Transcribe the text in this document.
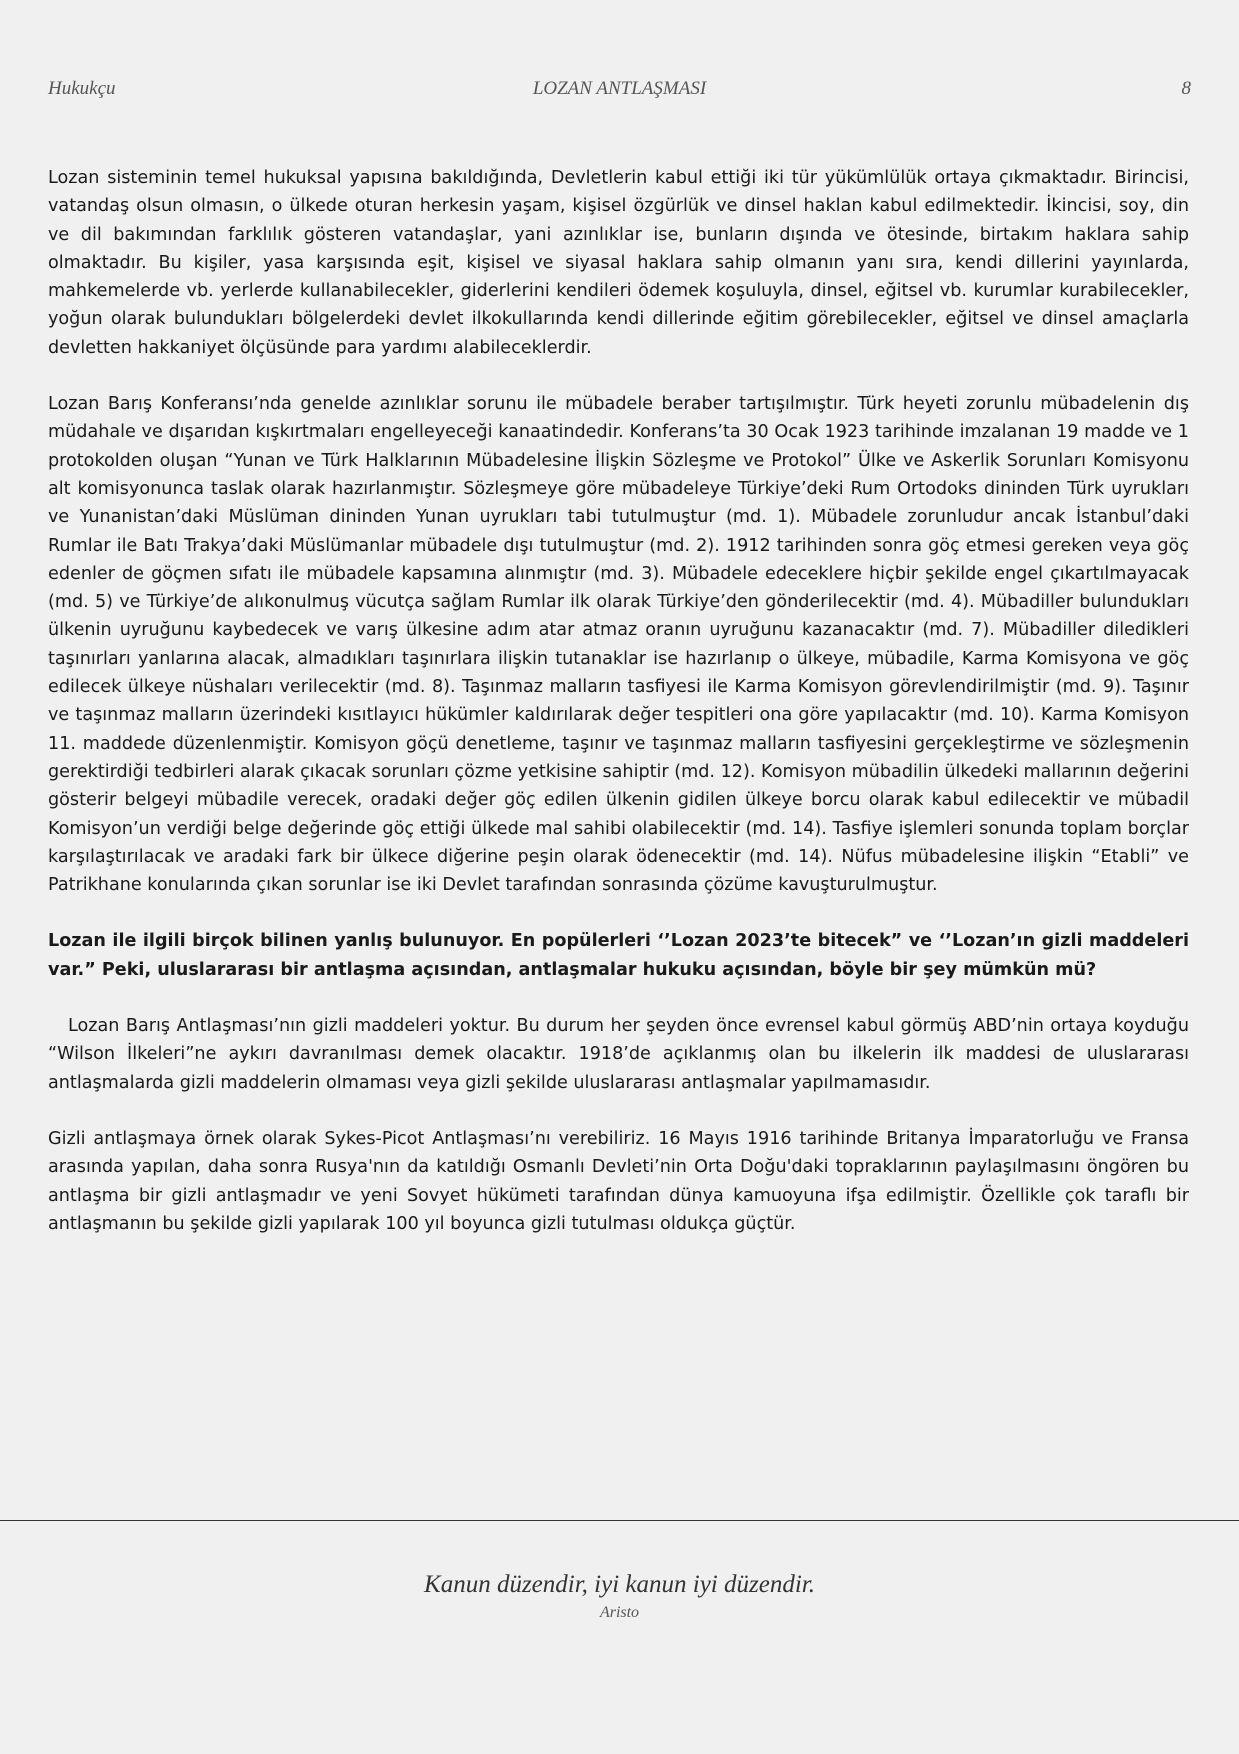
Hukukçu	LOZAN ANTLAŞMASI	8

Lozan sisteminin temel hukuksal yapısına bakıldığında, Devletlerin kabul ettiği iki tür yükümlülük ortaya çıkmaktadır. Birincisi, vatandaş olsun olmasın, o ülkede oturan herkesin yaşam, kişisel özgürlük ve dinsel haklan kabul edilmektedir. İkincisi, soy, din ve dil bakımından farklılık gösteren vatandaşlar, yani azınlıklar ise, bunların dışında ve ötesinde, birtakım haklara sahip olmaktadır. Bu kişiler, yasa karşısında eşit, kişisel ve siyasal haklara sahip olmanın yanı sıra, kendi dillerini yayınlarda, mahkemelerde vb. yerlerde kullanabilecekler, giderlerini kendileri ödemek koşuluyla, dinsel, eğitsel vb. kurumlar kurabilecekler, yoğun olarak bulundukları bölgelerdeki devlet ilkokullarında kendi dillerinde eğitim görebilecekler, eğitsel ve dinsel amaçlarla devletten hakkaniyet ölçüsünde para yardımı alabileceklerdir.

Lozan Barış Konferansı’nda genelde azınlıklar sorunu ile mübadele beraber tartışılmıştır. Türk heyeti zorunlu mübadelenin dış müdahale ve dışarıdan kışkırtmaları engelleyeceği kanaatindedir. Konferans’ta 30 Ocak 1923 tarihinde imzalanan 19 madde ve 1 protokolden oluşan “Yunan ve Türk Halklarının Mübadelesine İlişkin Sözleşme ve Protokol” Ülke ve Askerlik Sorunları Komisyonu alt komisyonunca taslak olarak hazırlanmıştır. Sözleşmeye göre mübadeleye Türkiye’deki Rum Ortodoks dininden Türk uyrukları ve Yunanistan’daki Müslüman dininden Yunan uyrukları tabi tutulmuştur (md. 1). Mübadele zorunludur ancak İstanbul’daki Rumlar ile Batı Trakya’daki Müslümanlar mübadele dışı tutulmuştur (md. 2). 1912 tarihinden sonra göç etmesi gereken veya göç edenler de göçmen sıfatı ile mübadele kapsamına alınmıştır (md. 3). Mübadele edeceklere hiçbir şekilde engel çıkartılmayacak (md. 5) ve Türkiye’de alıkonulmuş vücutça sağlam Rumlar ilk olarak Türkiye’den gönderilecektir (md. 4). Mübadiller bulundukları ülkenin uyruğunu kaybedecek ve varış ülkesine adım atar atmaz oranın uyruğunu kazanacaktır (md. 7). Mübadiller diledikleri taşınırları yanlarına alacak, almadıkları taşınırlara ilişkin tutanaklar ise hazırlanıp o ülkeye, mübadile, Karma Komisyona ve göç edilecek ülkeye nüshaları verilecektir (md. 8). Taşınmaz malların tasfiyesi ile Karma Komisyon görevlendirilmiştir (md. 9). Taşınır ve taşınmaz malların üzerindeki kısıtlayıcı hükümler kaldırılarak değer tespitleri ona göre yapılacaktır (md. 10). Karma Komisyon 11. maddede düzenlenmiştir. Komisyon göçü denetleme, taşınır ve taşınmaz malların tasfiyesini gerçekleştirme ve sözleşmenin gerektirdiği tedbirleri alarak çıkacak sorunları çözme yetkisine sahiptir (md. 12). Komisyon mübadilin ülkedeki mallarının değerini gösterir belgeyi mübadile verecek, oradaki değer göç edilen ülkenin gidilen ülkeye borcu olarak kabul edilecektir ve mübadil Komisyon’un verdiği belge değerinde göç ettiği ülkede mal sahibi olabilecektir (md. 14). Tasfiye işlemleri sonunda toplam borçlar karşılaştırılacak ve aradaki fark bir ülkece diğerine peşin olarak ödenecektir (md. 14). Nüfus mübadelesine ilişkin “Etabli” ve Patrikhane konularında çıkan sorunlar ise iki Devlet tarafından sonrasında çözüme kavuşturulmuştur.

Lozan ile ilgili birçok bilinen yanlış bulunuyor. En popülerleri ‘’Lozan 2023’te bitecek” ve ‘’Lozan’ın gizli maddeleri var.” Peki, uluslararası bir antlaşma açısından, antlaşmalar hukuku açısından, böyle bir şey mümkün mü?

Lozan Barış Antlaşması’nın gizli maddeleri yoktur. Bu durum her şeyden önce evrensel kabul görmüş ABD’nin ortaya koyduğu “Wilson İlkeleri”ne aykırı davranılması demek olacaktır. 1918’de açıklanmış olan bu ilkelerin ilk maddesi de uluslararası antlaşmalarda gizli maddelerin olmaması veya gizli şekilde uluslararası antlaşmalar yapılmamasıdır.

Gizli antlaşmaya örnek olarak Sykes-Picot Antlaşması’nı verebiliriz. 16 Mayıs 1916 tarihinde Britanya İmparatorluğu ve Fransa arasında yapılan, daha sonra Rusya'nın da katıldığı Osmanlı Devleti’nin Orta Doğu'daki topraklarının paylaşılmasını öngören bu antlaşma bir gizli antlaşmadır ve yeni Sovyet hükümeti tarafından dünya kamuoyuna ifşa edilmiştir. Özellikle çok taraflı bir antlaşmanın bu şekilde gizli yapılarak 100 yıl boyunca gizli tutulması oldukça güçtür.

Kanun düzendir, iyi kanun iyi düzendir.
Aristo
